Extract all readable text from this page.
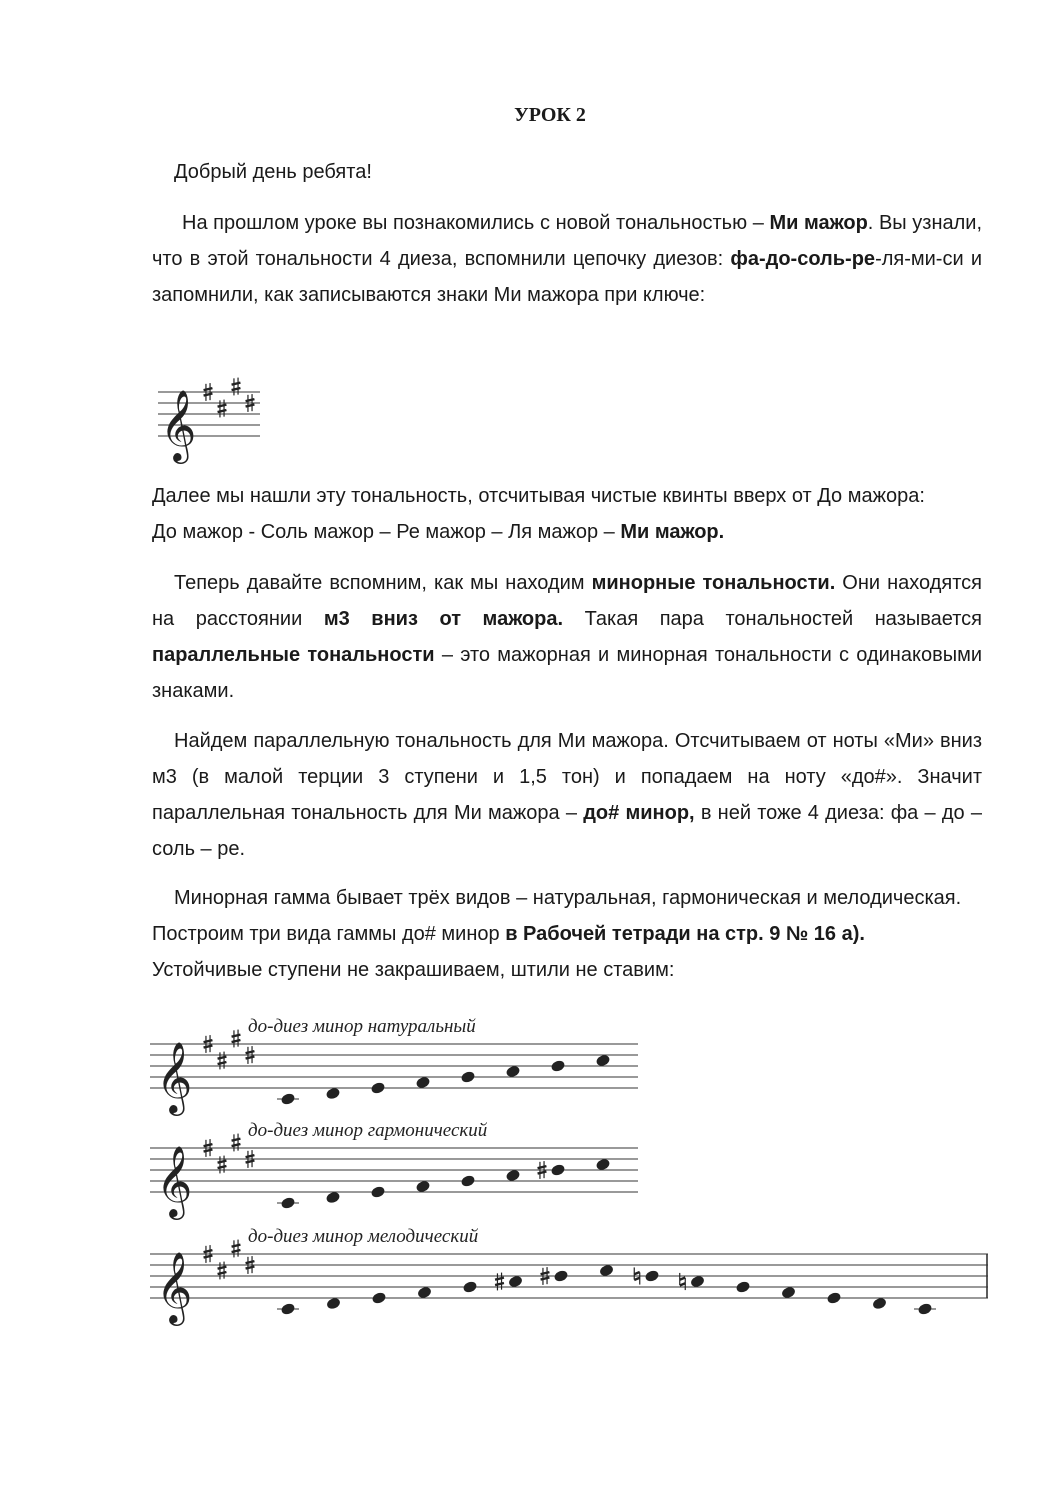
УРОК 2

Добрый день ребята!

На прошлом уроке вы познакомились с новой тональностью – Ми мажор. Вы узнали, что в этой тональности 4 диеза, вспомнили цепочку диезов: фа-до-соль-ре-ля-ми-си и запомнили, как записываются знаки Ми мажора при ключе:

𝄞

Далее мы нашли эту тональность, отсчитывая чистые квинты вверх от До мажора: До мажор - Соль мажор – Ре мажор – Ля мажор – Ми мажор.

Теперь давайте вспомним, как мы находим минорные тональности. Они находятся на расстоянии м3 вниз от мажора. Такая пара тональностей называется параллельные тональности – это мажорная и минорная тональности с одинаковыми знаками.

Найдем параллельную тональность для Ми мажора. Отсчитываем от ноты «Ми» вниз м3 (в малой терции 3 ступени и 1,5 тон) и попадаем на ноту «до#». Значит параллельная тональность для Ми мажора – до# минор, в ней тоже 4 диеза: фа – до – соль – ре.

Минорная гамма бывает трёх видов – натуральная, гармоническая и мелодическая. Построим три вида гаммы до# минор в Рабочей тетради на стр. 9 № 16 а). Устойчивые ступени не закрашиваем, штили не ставим:

до-диез минор натуральный
𝄞
до-диез минор гармонический
𝄞
до-диез минор мелодический
𝄞
